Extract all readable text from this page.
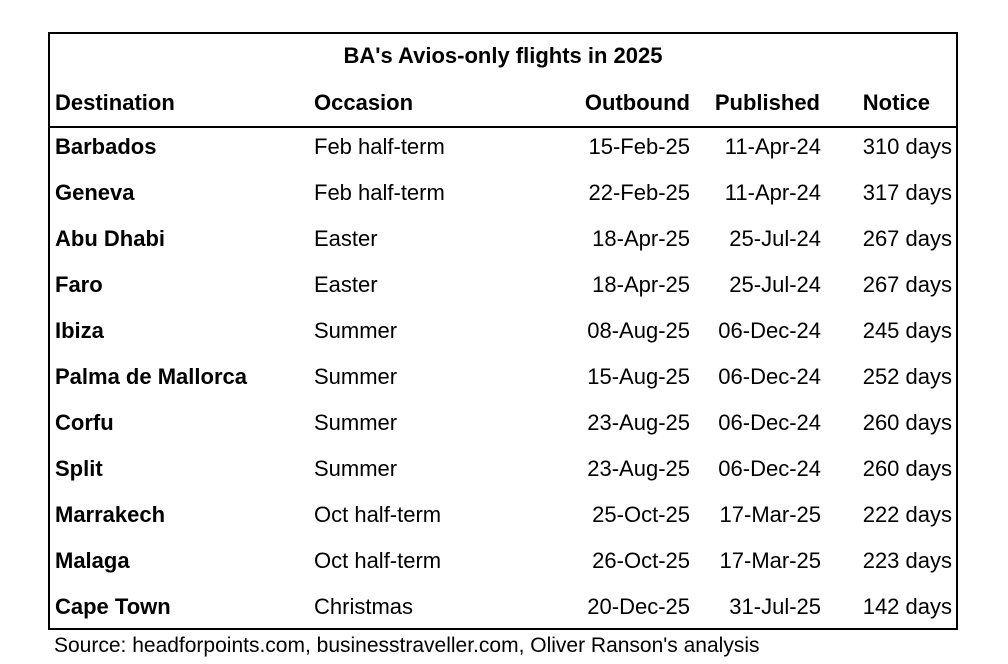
BA's Avios-only flights in 2025
Destination	Occasion	Outbound Published Notice
Barbados	Feb half-term	15-Feb-25 11-Apr-24 310 days
Geneva	Feb half-term	22-Feb-25 11-Apr-24 317 days
Abu Dhabi	Easter	18-Apr-25 25-Jul-24 267 days
Faro	Easter	18-Apr-25 25-Jul-24 267 days
Ibiza	Summer	08-Aug-25 06-Dec-24 245 days
Palma de Mallorca	Summer	15-Aug-25 06-Dec-24 252 days
Corfu	Summer	23-Aug-25 06-Dec-24 260 days
Split	Summer	23-Aug-25 06-Dec-24 260 days
Marrakech	Oct half-term	25-Oct-25 17-Mar-25 222 days
Malaga	Oct half-term	26-Oct-25 17-Mar-25 223 days
Cape Town	Christmas	20-Dec-25 31-Jul-25 142 days
Source: headforpoints.com, businesstraveller.com, Oliver Ranson's analysis
